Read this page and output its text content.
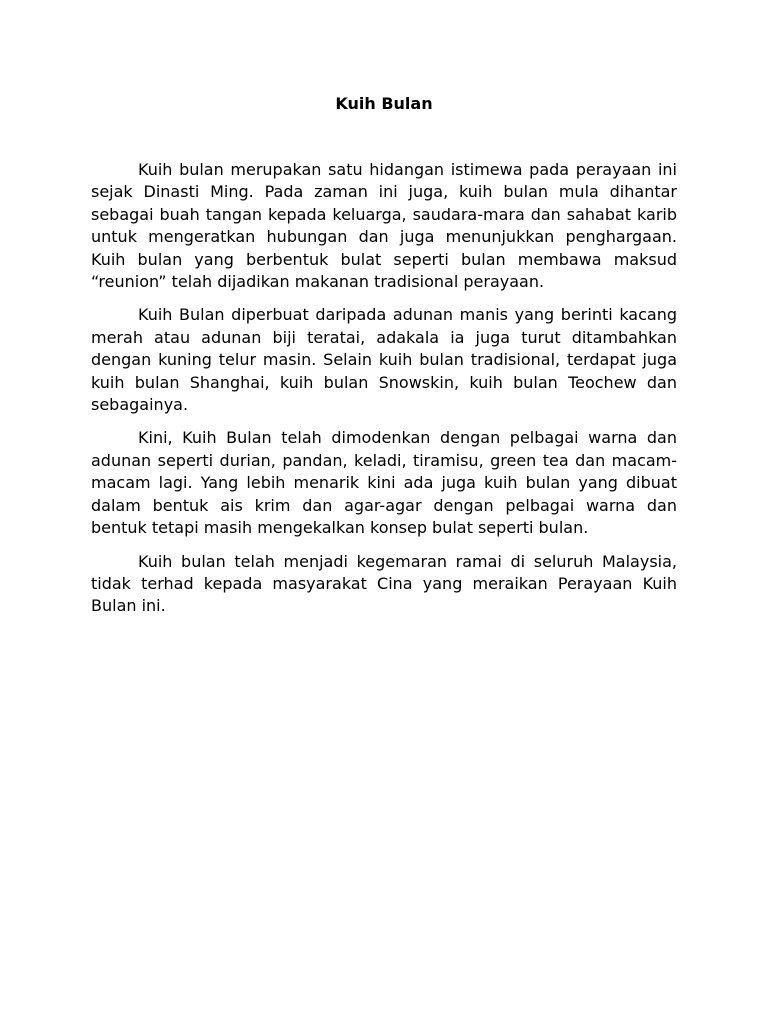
Kuih Bulan

Kuih bulan merupakan satu hidangan istimewa pada perayaan ini sejak Dinasti Ming. Pada zaman ini juga, kuih bulan mula dihantar sebagai buah tangan kepada keluarga, saudara-mara dan sahabat karib untuk mengeratkan hubungan dan juga menunjukkan penghargaan. Kuih bulan yang berbentuk bulat seperti bulan membawa maksud “reunion” telah dijadikan makanan tradisional perayaan.

Kuih Bulan diperbuat daripada adunan manis yang berinti kacang merah atau adunan biji teratai, adakala ia juga turut ditambahkan dengan kuning telur masin. Selain kuih bulan tradisional, terdapat juga kuih bulan Shanghai, kuih bulan Snowskin, kuih bulan Teochew dan sebagainya.

Kini, Kuih Bulan telah dimodenkan dengan pelbagai warna dan adunan seperti durian, pandan, keladi, tiramisu, green tea dan macam-macam lagi. Yang lebih menarik kini ada juga kuih bulan yang dibuat dalam bentuk ais krim dan agar-agar dengan pelbagai warna dan bentuk tetapi masih mengekalkan konsep bulat seperti bulan.

Kuih bulan telah menjadi kegemaran ramai di seluruh Malaysia, tidak terhad kepada masyarakat Cina yang meraikan Perayaan Kuih Bulan ini.
